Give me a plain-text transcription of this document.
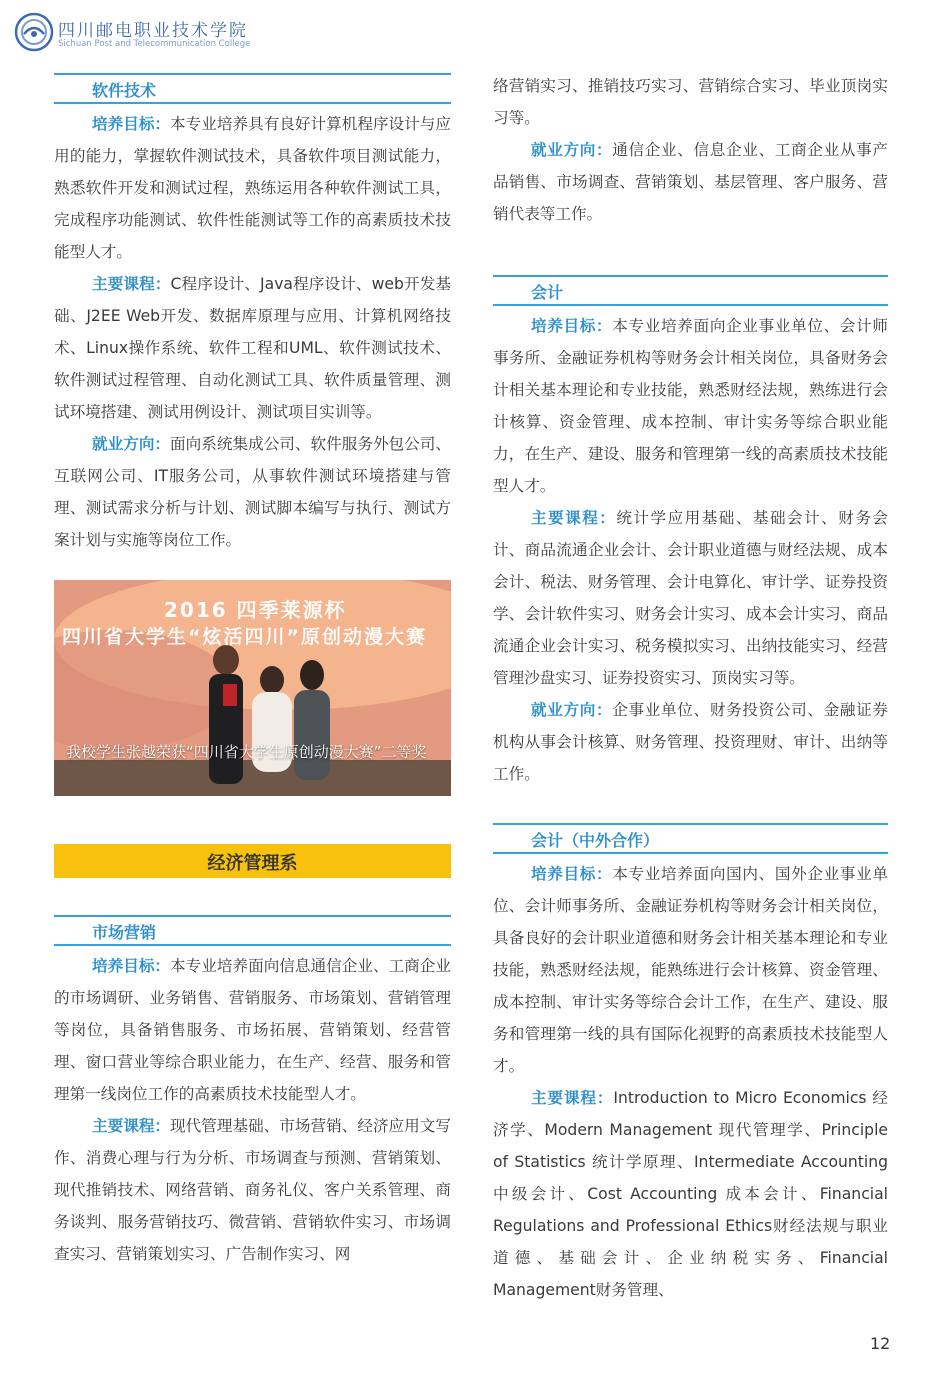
四川邮电职业技术学院
Sichuan Post and Telecommunication College
软件技术

培养目标：本专业培养具有良好计算机程序设计与应用的能力，掌握软件测试技术，具备软件项目测试能力，熟悉软件开发和测试过程，熟练运用各种软件测试工具，完成程序功能测试、软件性能测试等工作的高素质技术技能型人才。

主要课程：C程序设计、Java程序设计、web开发基础、J2EE Web开发、数据库原理与应用、计算机网络技术、Linux操作系统、软件工程和UML、软件测试技术、软件测试过程管理、自动化测试工具、软件质量管理、测试环境搭建、测试用例设计、测试项目实训等。

就业方向：面向系统集成公司、软件服务外包公司、互联网公司、IT服务公司，从事软件测试环境搭建与管理、测试需求分析与计划、测试脚本编写与执行、测试方案计划与实施等岗位工作。

2016 四季莱源杯
四川省大学生“炫活四川”原创动漫大赛
我校学生张越荣获“四川省大学生原创动漫大赛”二等奖
经济管理系
市场营销

培养目标：本专业培养面向信息通信企业、工商企业的市场调研、业务销售、营销服务、市场策划、营销管理等岗位，具备销售服务、市场拓展、营销策划、经营管理、窗口营业等综合职业能力，在生产、经营、服务和管理第一线岗位工作的高素质技术技能型人才。

主要课程：现代管理基础、市场营销、经济应用文写作、消费心理与行为分析、市场调查与预测、营销策划、现代推销技术、网络营销、商务礼仪、客户关系管理、商务谈判、服务营销技巧、微营销、营销软件实习、市场调查实习、营销策划实习、广告制作实习、网

络营销实习、推销技巧实习、营销综合实习、毕业顶岗实习等。

就业方向：通信企业、信息企业、工商企业从事产品销售、市场调查、营销策划、基层管理、客户服务、营销代表等工作。

会计

培养目标：本专业培养面向企业事业单位、会计师事务所、金融证券机构等财务会计相关岗位，具备财务会计相关基本理论和专业技能，熟悉财经法规，熟练进行会计核算、资金管理、成本控制、审计实务等综合职业能力，在生产、建设、服务和管理第一线的高素质技术技能型人才。

主要课程：统计学应用基础、基础会计、财务会计、商品流通企业会计、会计职业道德与财经法规、成本会计、税法、财务管理、会计电算化、审计学、证券投资学、会计软件实习、财务会计实习、成本会计实习、商品流通企业会计实习、税务模拟实习、出纳技能实习、经营管理沙盘实习、证券投资实习、顶岗实习等。

就业方向：企事业单位、财务投资公司、金融证券机构从事会计核算、财务管理、投资理财、审计、出纳等工作。

会计（中外合作）

培养目标：本专业培养面向国内、国外企业事业单位、会计师事务所、金融证券机构等财务会计相关岗位，具备良好的会计职业道德和财务会计相关基本理论和专业技能，熟悉财经法规，能熟练进行会计核算、资金管理、成本控制、审计实务等综合会计工作，在生产、建设、服务和管理第一线的具有国际化视野的高素质技术技能型人才。

主要课程：Introduction to Micro Economics 经济学、Modern Management 现代管理学、Principle of Statistics 统计学原理、Intermediate Accounting 中级会计、Cost Accounting 成本会计、Financial Regulations and Professional Ethics财经法规与职业道德、基础会计、企业纳税实务、Financial Management财务管理、

12
